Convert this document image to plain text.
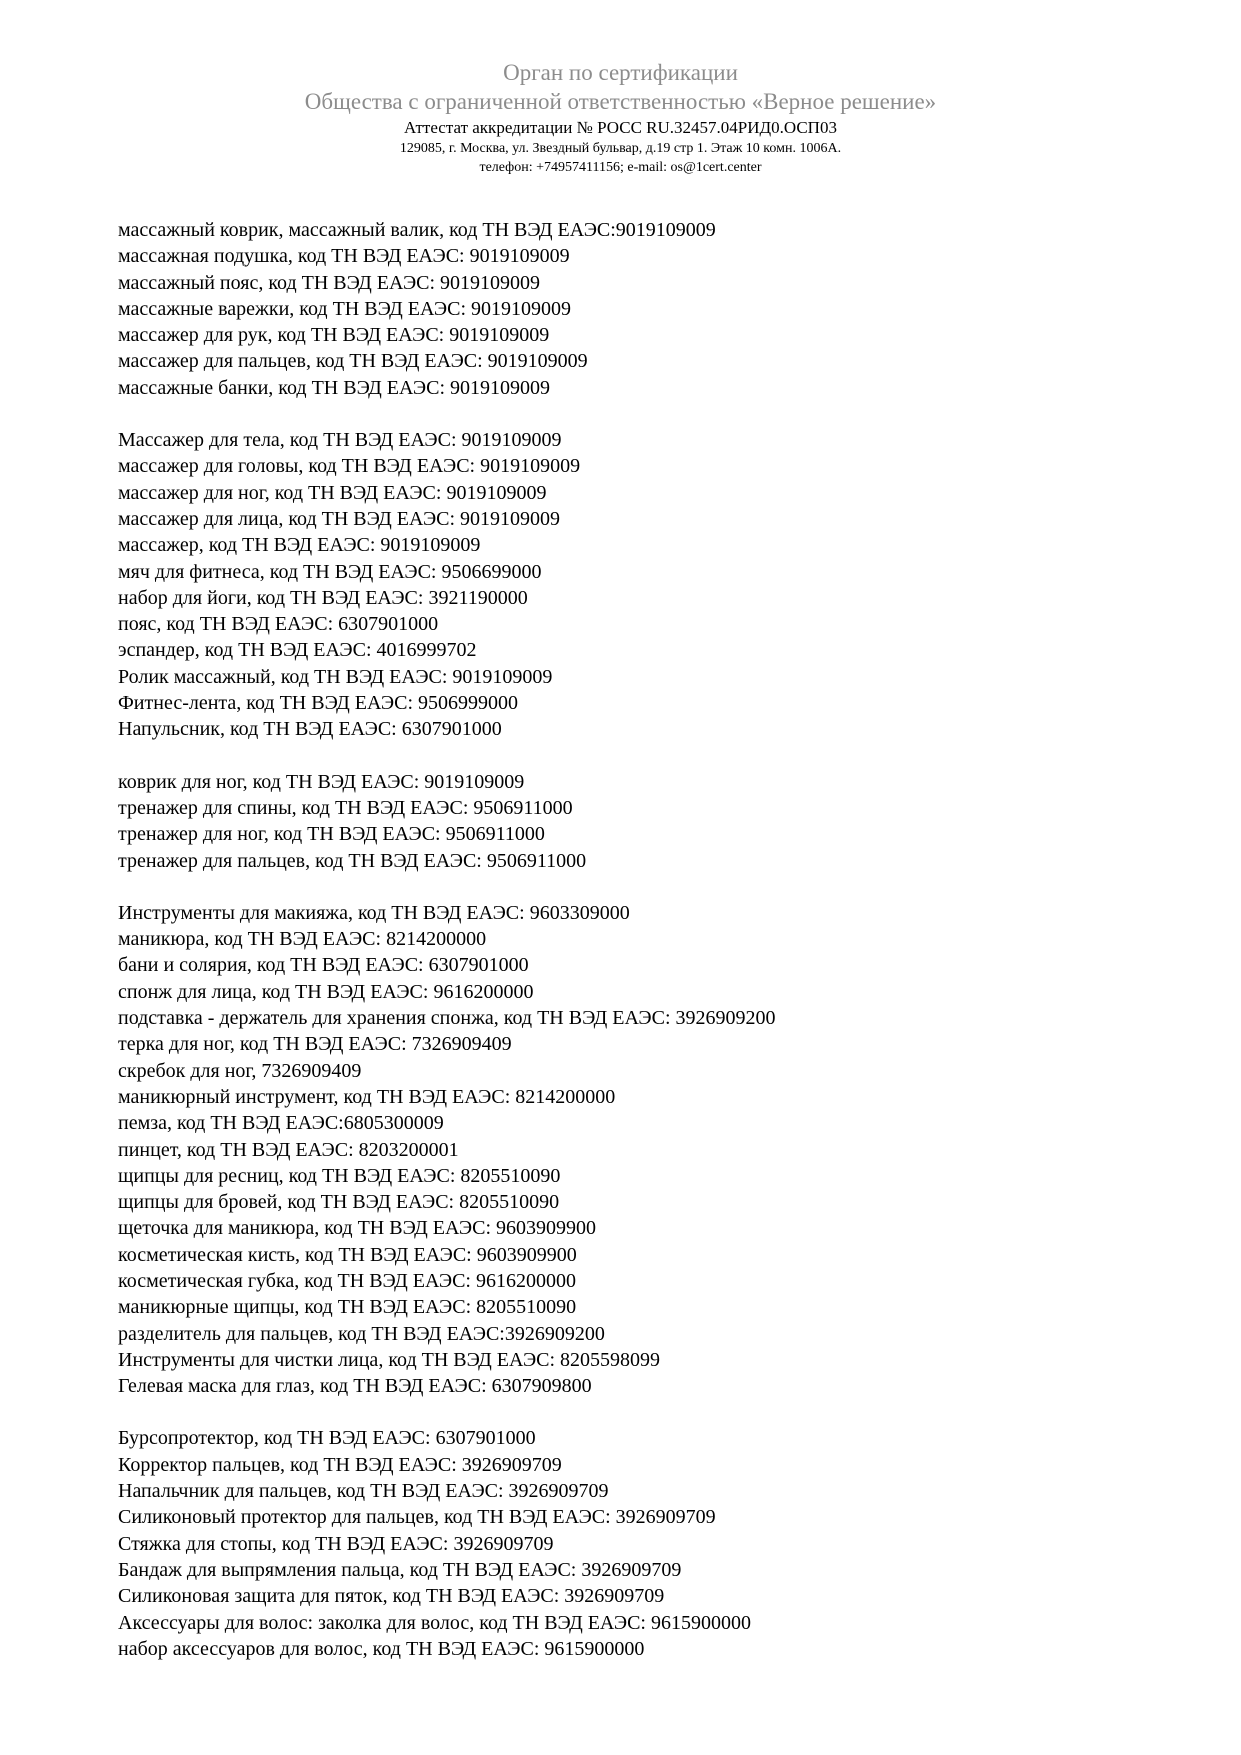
Орган по сертификации
Общества с ограниченной ответственностью «Верное решение»
Аттестат аккредитации № РОСС RU.32457.04РИД0.ОСП03
129085, г. Москва, ул. Звездный бульвар, д.19 стр 1. Этаж 10 комн. 1006А.
телефон: +74957411156; e-mail: os@1cert.center
массажный коврик, массажный валик, код ТН ВЭД ЕАЭС:9019109009
массажная подушка, код ТН ВЭД ЕАЭС: 9019109009
массажный пояс, код ТН ВЭД ЕАЭС: 9019109009
массажные варежки, код ТН ВЭД ЕАЭС: 9019109009
массажер для рук, код ТН ВЭД ЕАЭС: 9019109009
массажер для пальцев, код ТН ВЭД ЕАЭС: 9019109009
массажные банки, код ТН ВЭД ЕАЭС: 9019109009
Массажер для тела, код ТН ВЭД ЕАЭС: 9019109009
массажер для головы, код ТН ВЭД ЕАЭС: 9019109009
массажер для ног, код ТН ВЭД ЕАЭС: 9019109009
массажер для лица, код ТН ВЭД ЕАЭС: 9019109009
массажер, код ТН ВЭД ЕАЭС: 9019109009
мяч для фитнеса, код ТН ВЭД ЕАЭС: 9506699000
набор для йоги, код ТН ВЭД ЕАЭС: 3921190000
пояс, код ТН ВЭД ЕАЭС: 6307901000
эспандер, код ТН ВЭД ЕАЭС: 4016999702
Ролик массажный, код ТН ВЭД ЕАЭС: 9019109009
Фитнес-лента, код ТН ВЭД ЕАЭС: 9506999000
Напульсник, код ТН ВЭД ЕАЭС: 6307901000
коврик для ног, код ТН ВЭД ЕАЭС: 9019109009
тренажер для спины, код ТН ВЭД ЕАЭС: 9506911000
тренажер для ног, код ТН ВЭД ЕАЭС: 9506911000
тренажер для пальцев, код ТН ВЭД ЕАЭС: 9506911000
Инструменты для макияжа, код ТН ВЭД ЕАЭС: 9603309000
маникюра, код ТН ВЭД ЕАЭС: 8214200000
бани и солярия, код ТН ВЭД ЕАЭС: 6307901000
спонж для лица, код ТН ВЭД ЕАЭС: 9616200000
подставка - держатель для хранения спонжа, код ТН ВЭД ЕАЭС: 3926909200
терка для ног, код ТН ВЭД ЕАЭС: 7326909409
скребок для ног, 7326909409
маникюрный инструмент, код ТН ВЭД ЕАЭС: 8214200000
пемза, код ТН ВЭД ЕАЭС:6805300009
пинцет, код ТН ВЭД ЕАЭС: 8203200001
щипцы для ресниц, код ТН ВЭД ЕАЭС: 8205510090
щипцы для бровей, код ТН ВЭД ЕАЭС: 8205510090
щеточка для маникюра, код ТН ВЭД ЕАЭС: 9603909900
косметическая кисть, код ТН ВЭД ЕАЭС: 9603909900
косметическая губка, код ТН ВЭД ЕАЭС: 9616200000
маникюрные щипцы, код ТН ВЭД ЕАЭС: 8205510090
разделитель для пальцев, код ТН ВЭД ЕАЭС:3926909200
Инструменты для чистки лица, код ТН ВЭД ЕАЭС: 8205598099
Гелевая маска для глаз, код ТН ВЭД ЕАЭС: 6307909800
Бурсопротектор, код ТН ВЭД ЕАЭС: 6307901000
Корректор пальцев, код ТН ВЭД ЕАЭС: 3926909709
Напальчник для пальцев, код ТН ВЭД ЕАЭС: 3926909709
Силиконовый протектор для пальцев, код ТН ВЭД ЕАЭС: 3926909709
Стяжка для стопы, код ТН ВЭД ЕАЭС: 3926909709
Бандаж для выпрямления пальца, код ТН ВЭД ЕАЭС: 3926909709
Силиконовая защита для пяток, код ТН ВЭД ЕАЭС: 3926909709
Аксессуары для волос: заколка для волос, код ТН ВЭД ЕАЭС: 9615900000
набор аксессуаров для волос, код ТН ВЭД ЕАЭС: 9615900000
